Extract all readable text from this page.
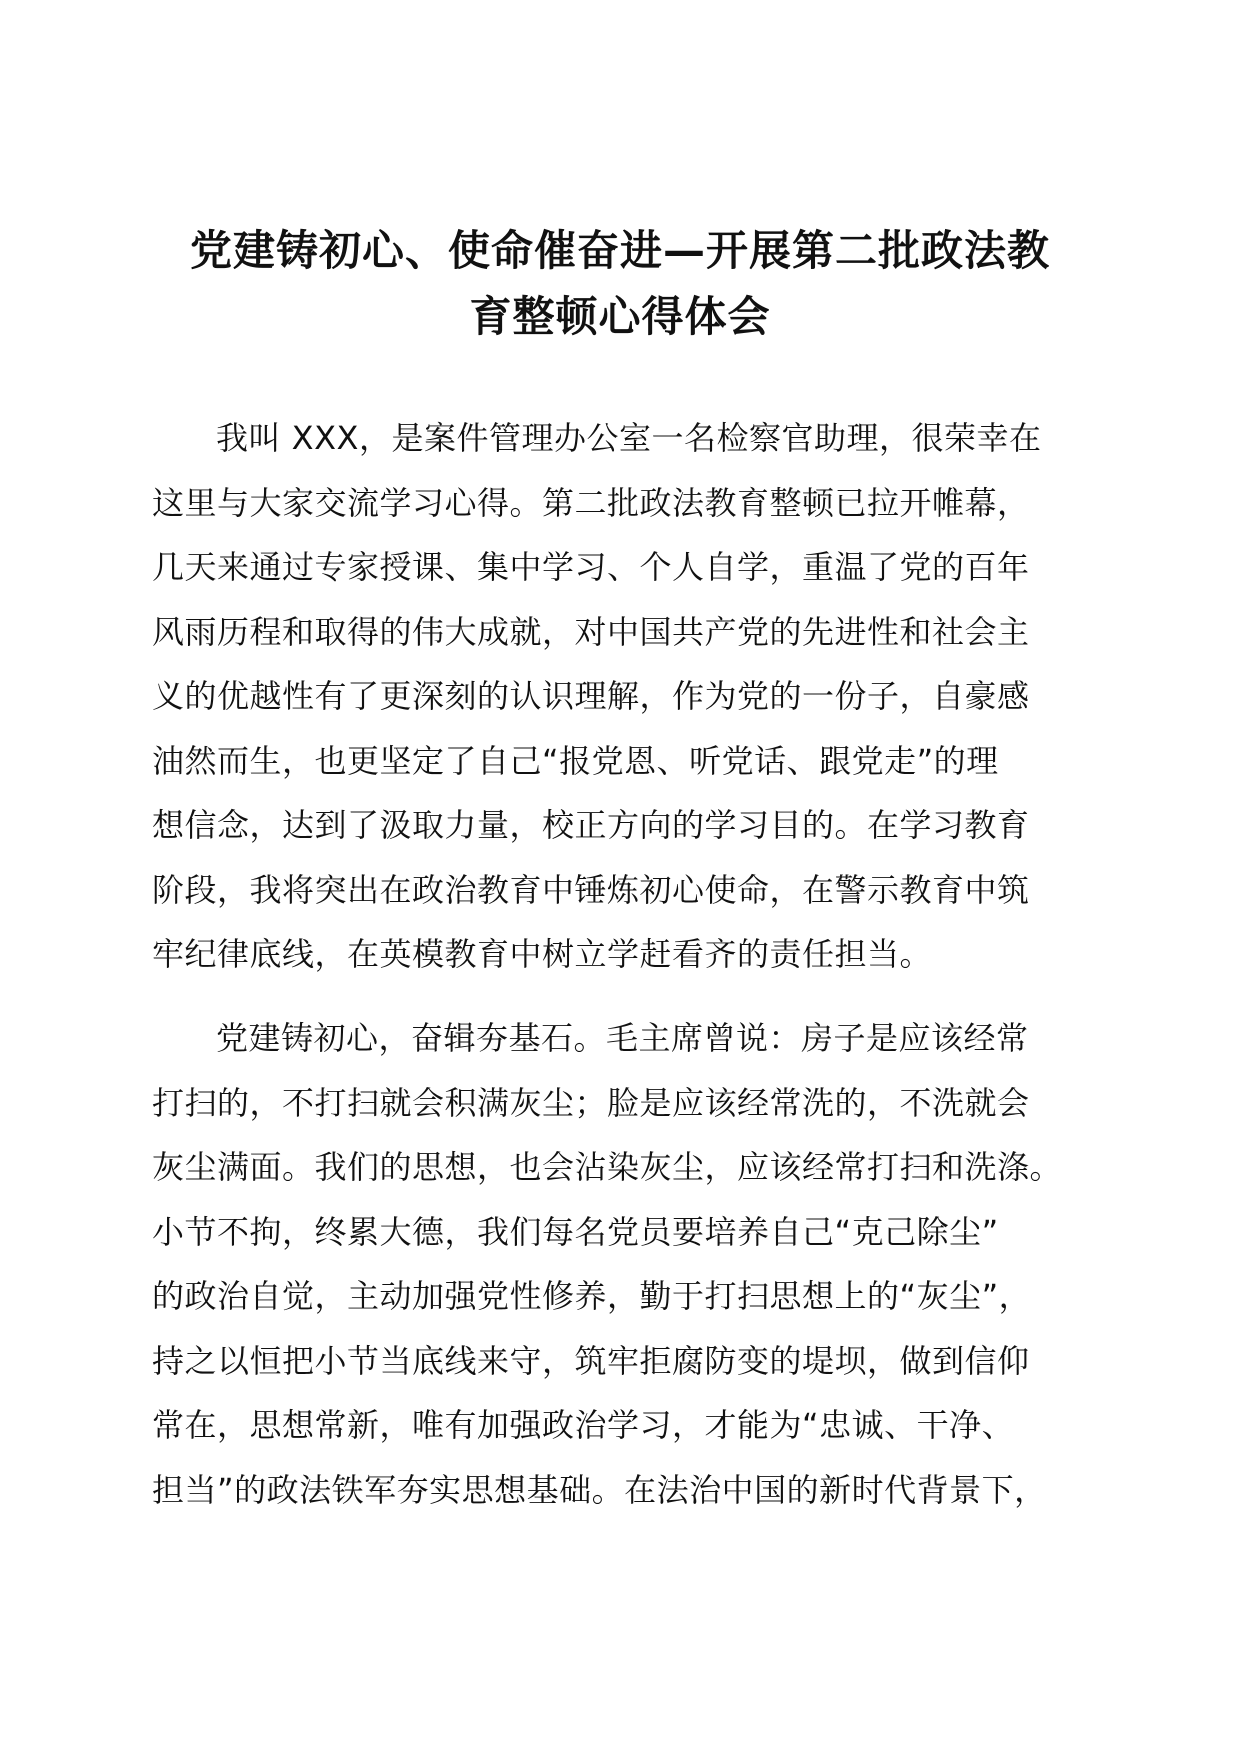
党建铸初心、使命催奋进—开展第二批政法教
育整顿心得体会
我叫 XXX，是案件管理办公室一名检察官助理，很荣幸在
这里与大家交流学习心得。第二批政法教育整顿已拉开帷幕，
几天来通过专家授课、集中学习、个人自学，重温了党的百年
风雨历程和取得的伟大成就，对中国共产党的先进性和社会主
义的优越性有了更深刻的认识理解，作为党的一份子，自豪感
油然而生，也更坚定了自己“报党恩、听党话、跟党走”的理
想信念，达到了汲取力量，校正方向的学习目的。在学习教育
阶段，我将突出在政治教育中锤炼初心使命，在警示教育中筑
牢纪律底线，在英模教育中树立学赶看齐的责任担当。
党建铸初心，奋辑夯基石。毛主席曾说：房子是应该经常
打扫的，不打扫就会积满灰尘；脸是应该经常洗的，不洗就会
灰尘满面。我们的思想，也会沾染灰尘，应该经常打扫和洗涤。
小节不拘，终累大德，我们每名党员要培养自己“克己除尘”
的政治自觉，主动加强党性修养，勤于打扫思想上的“灰尘”，
持之以恒把小节当底线来守，筑牢拒腐防变的堤坝，做到信仰
常在，思想常新，唯有加强政治学习，才能为“忠诚、干净、
担当”的政法铁军夯实思想基础。在法治中国的新时代背景下，
